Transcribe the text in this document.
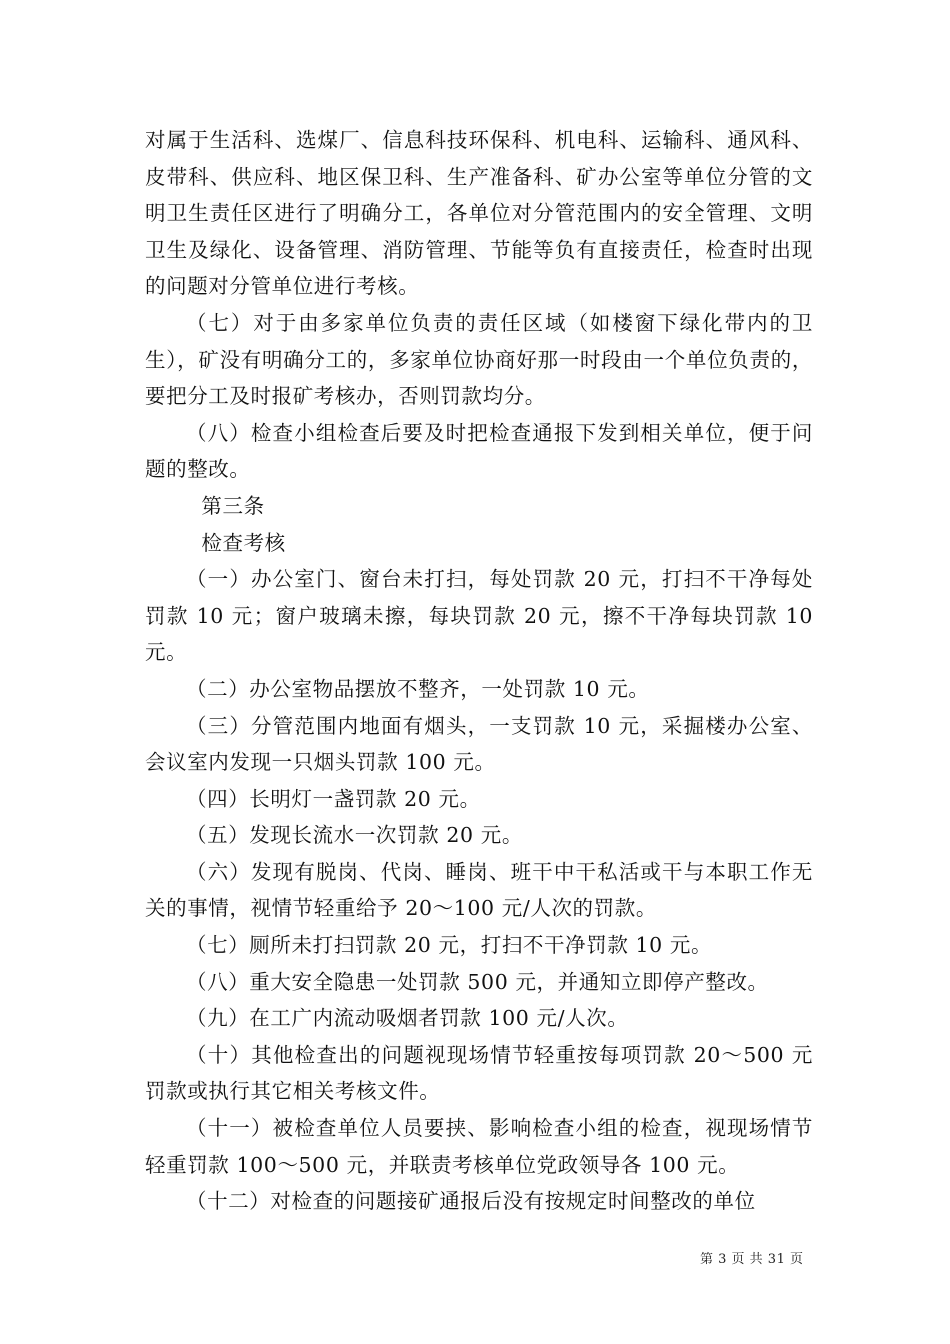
对属于生活科、选煤厂、信息科技环保科、机电科、运输科、通风科、皮带科、供应科、地区保卫科、生产准备科、矿办公室等单位分管的文明卫生责任区进行了明确分工，各单位对分管范围内的安全管理、文明卫生及绿化、设备管理、消防管理、节能等负有直接责任，检查时出现的问题对分管单位进行考核。

（七）对于由多家单位负责的责任区域（如楼窗下绿化带内的卫生），矿没有明确分工的，多家单位协商好那一时段由一个单位负责的，要把分工及时报矿考核办，否则罚款均分。

（八）检查小组检查后要及时把检查通报下发到相关单位，便于问题的整改。

第三条

检查考核

（一）办公室门、窗台未打扫，每处罚款 20 元，打扫不干净每处罚款 10 元；窗户玻璃未擦，每块罚款 20 元，擦不干净每块罚款 10 元。

（二）办公室物品摆放不整齐，一处罚款 10 元。

（三）分管范围内地面有烟头，一支罚款 10 元，采掘楼办公室、会议室内发现一只烟头罚款 100 元。

（四）长明灯一盏罚款 20 元。

（五）发现长流水一次罚款 20 元。

（六）发现有脱岗、代岗、睡岗、班干中干私活或干与本职工作无关的事情，视情节轻重给予 20～100 元/人次的罚款。

（七）厕所未打扫罚款 20 元，打扫不干净罚款 10 元。

（八）重大安全隐患一处罚款 500 元，并通知立即停产整改。

（九）在工广内流动吸烟者罚款 100 元/人次。

（十）其他检查出的问题视现场情节轻重按每项罚款 20～500 元罚款或执行其它相关考核文件。

（十一）被检查单位人员要挟、影响检查小组的检查，视现场情节轻重罚款 100～500 元，并联责考核单位党政领导各 100 元。

（十二）对检查的问题接矿通报后没有按规定时间整改的单位

第 3 页 共 31 页
